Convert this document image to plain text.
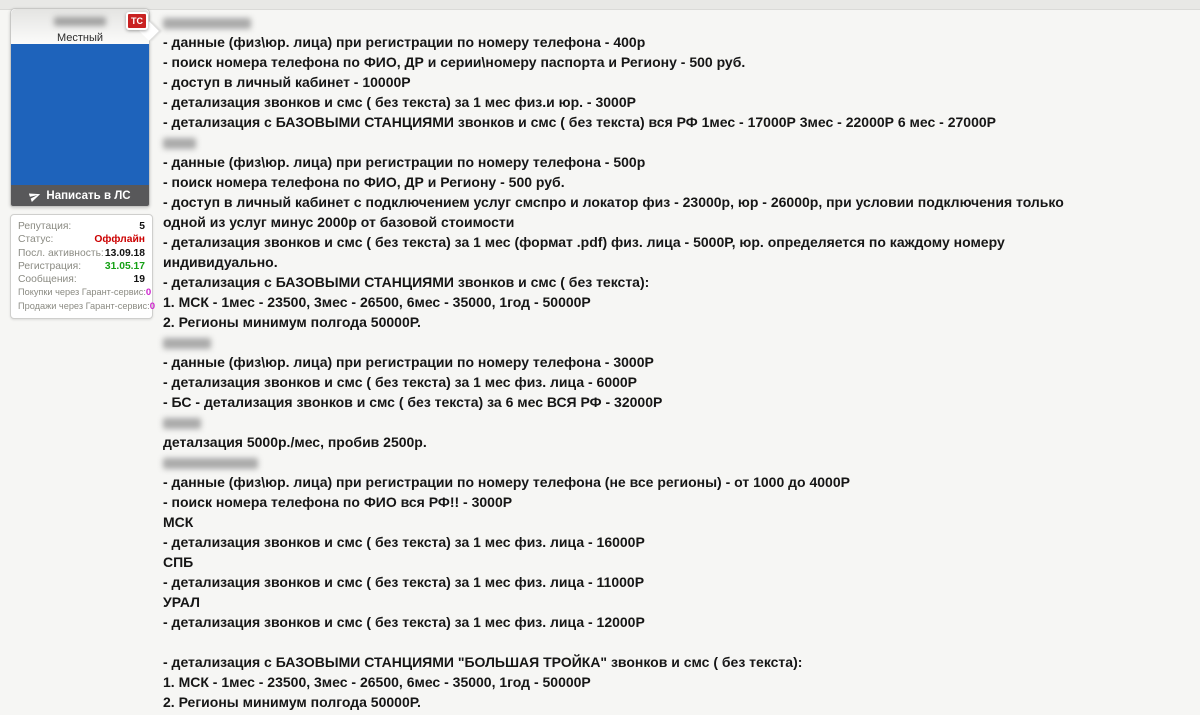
Местный
ТС
Написать в ЛС
Репутация:	5
Статус:	Оффлайн
Посл. активность: 13.09.18
Регистрация: 31.05.17
Сообщения:	19
Покупки через Гарант-сервис: 0
Продажи через Гарант-сервис: 0
- данные (физ\юр. лица) при регистрации по номеру телефона - 400р
- поиск номера телефона по ФИО, ДР и серии\номеру паспорта и Региону - 500 руб.
- доступ в личный кабинет - 10000Р
- детализация звонков и смс ( без текста) за 1 мес физ.и юр. - 3000Р
- детализация с БАЗОВЫМИ СТАНЦИЯМИ звонков и смс ( без текста) вся РФ 1мес - 17000Р 3мес - 22000Р 6 мес - 27000Р
- данные (физ\юр. лица) при регистрации по номеру телефона - 500р
- поиск номера телефона по ФИО, ДР и Региону - 500 руб.
- доступ в личный кабинет с подключением услуг смспро и локатор физ - 23000р, юр - 26000р, при условии подключения только
одной из услуг минус 2000р от базовой стоимости
- детализация звонков и смс ( без текста) за 1 мес (формат .pdf) физ. лица - 5000Р, юр. определяется по каждому номеру
индивидуально.
- детализация с БАЗОВЫМИ СТАНЦИЯМИ звонков и смс ( без текста):
1. МСК - 1мес - 23500, 3мес - 26500, 6мес - 35000, 1год - 50000Р
2. Регионы минимум полгода 50000Р.
- данные (физ\юр. лица) при регистрации по номеру телефона - 3000Р
- детализация звонков и смс ( без текста) за 1 мес физ. лица - 6000Р
- БС - детализация звонков и смс ( без текста) за 6 мес ВСЯ РФ - 32000Р
деталзация 5000р./мес, пробив 2500р.
- данные (физ\юр. лица) при регистрации по номеру телефона (не все регионы) - от 1000 до 4000Р
- поиск номера телефона по ФИО вся РФ!! - 3000Р
МСК
- детализация звонков и смс ( без текста) за 1 мес физ. лица - 16000Р
СПБ
- детализация звонков и смс ( без текста) за 1 мес физ. лица - 11000Р
УРАЛ
- детализация звонков и смс ( без текста) за 1 мес физ. лица - 12000Р
- детализация с БАЗОВЫМИ СТАНЦИЯМИ "БОЛЬШАЯ ТРОЙКА" звонков и смс ( без текста):
1. МСК - 1мес - 23500, 3мес - 26500, 6мес - 35000, 1год - 50000Р
2. Регионы минимум полгода 50000Р.
